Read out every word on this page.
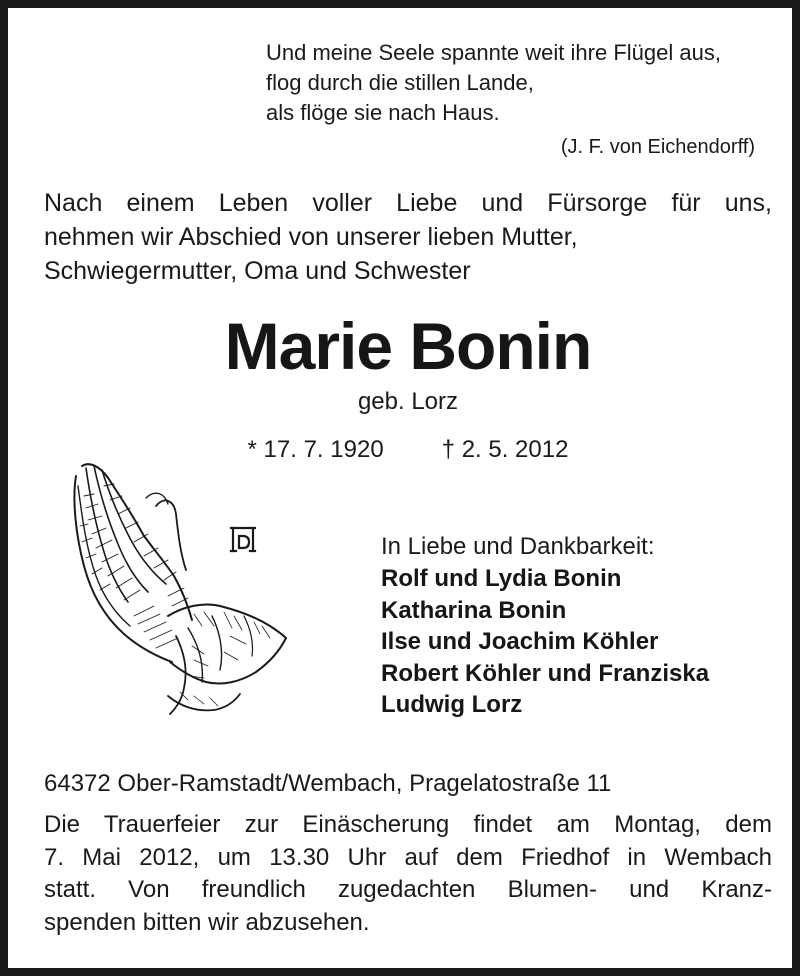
Und meine Seele spannte weit ihre Flügel aus,
flog durch die stillen Lande,
als flöge sie nach Haus.
(J. F. von Eichendorff)
Nach einem Leben voller Liebe und Fürsorge für uns,
nehmen wir Abschied von unserer lieben Mutter,
Schwiegermutter, Oma und Schwester
Marie Bonin
geb. Lorz
* 17. 7. 1920 † 2. 5. 2012
In Liebe und Dankbarkeit:
Rolf und Lydia Bonin
Katharina Bonin
Ilse und Joachim Köhler
Robert Köhler und Franziska
Ludwig Lorz
64372 Ober-Ramstadt/Wembach, Pragelatostraße 11
Die Trauerfeier zur Einäscherung findet am Montag, dem
7. Mai 2012, um 13.30 Uhr auf dem Friedhof in Wembach
statt. Von freundlich zugedachten Blumen- und Kranz-
spenden bitten wir abzusehen.
